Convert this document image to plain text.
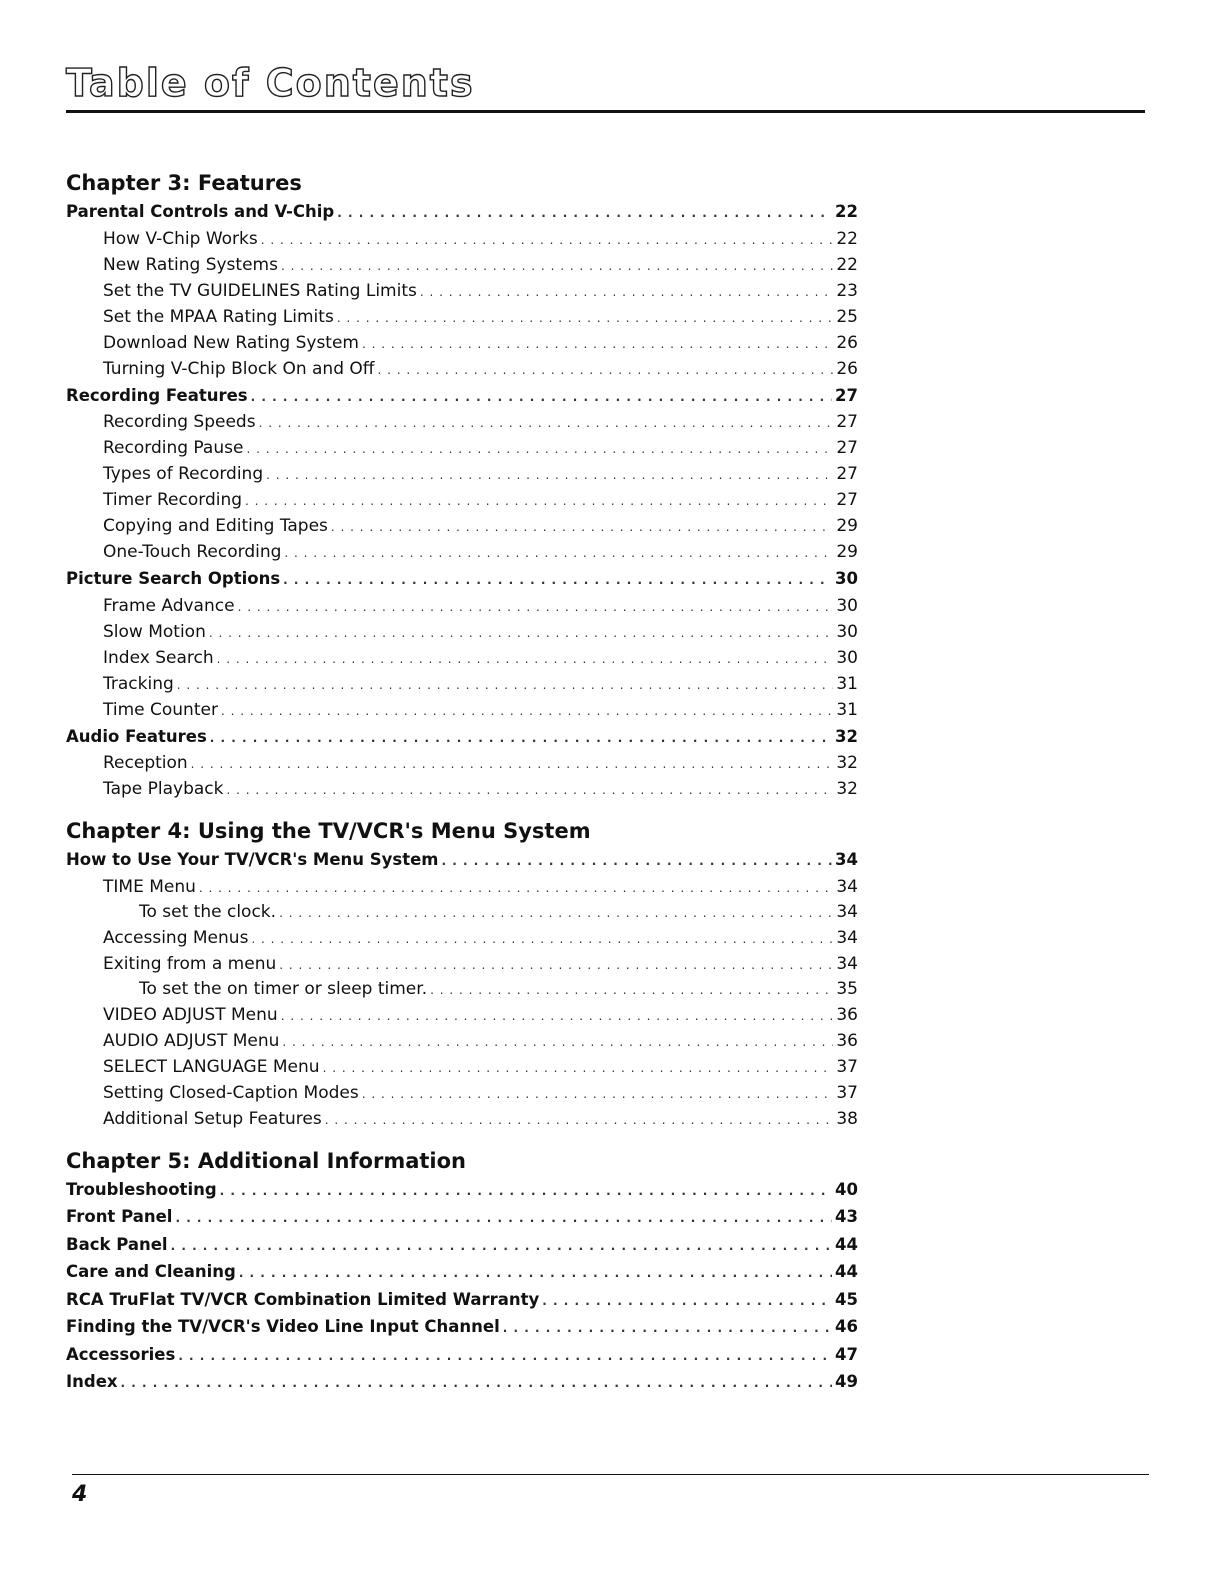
Table of Contents
Chapter 3: Features
Parental Controls and V-Chip . . .	22
How V-Chip Works . . .	22
New Rating Systems . . .	22
Set the TV GUIDELINES Rating Limits . . .	23
Set the MPAA Rating Limits . . .	25
Download New Rating System . . .	26
Turning V-Chip Block On and Off . . .	26
Recording Features . . .	27
Recording Speeds . . .	27
Recording Pause . . .	27
Types of Recording . . .	27
Timer Recording . . .	27
Copying and Editing Tapes . . .	29
One-Touch Recording . . .	29
Picture Search Options . . .	30
Frame Advance . . .	30
Slow Motion . . .	30
Index Search . . .	30
Tracking . . .	31
Time Counter . . .	31
Audio Features . . .	32
Reception . . .	32
Tape Playback . . .	32
Chapter 4: Using the TV/VCR's Menu System
How to Use Your TV/VCR's Menu System . . .	34
TIME Menu . . .	34
To set the clock. . . .	34
Accessing Menus . . .	34
Exiting from a menu . . .	34
To set the on timer or sleep timer. . . .	35
VIDEO ADJUST Menu . . .	36
AUDIO ADJUST Menu . . .	36
SELECT LANGUAGE Menu . . .	37
Setting Closed-Caption Modes . . .	37
Additional Setup Features . . .	38
Chapter 5: Additional Information
Troubleshooting . . .	40
Front Panel . . .	43
Back Panel . . .	44
Care and Cleaning . . .	44
RCA TruFlat TV/VCR Combination Limited Warranty . . .	45
Finding the TV/VCR's Video Line Input Channel . . .	46
Accessories . . .	47
Index . . .	49
4
